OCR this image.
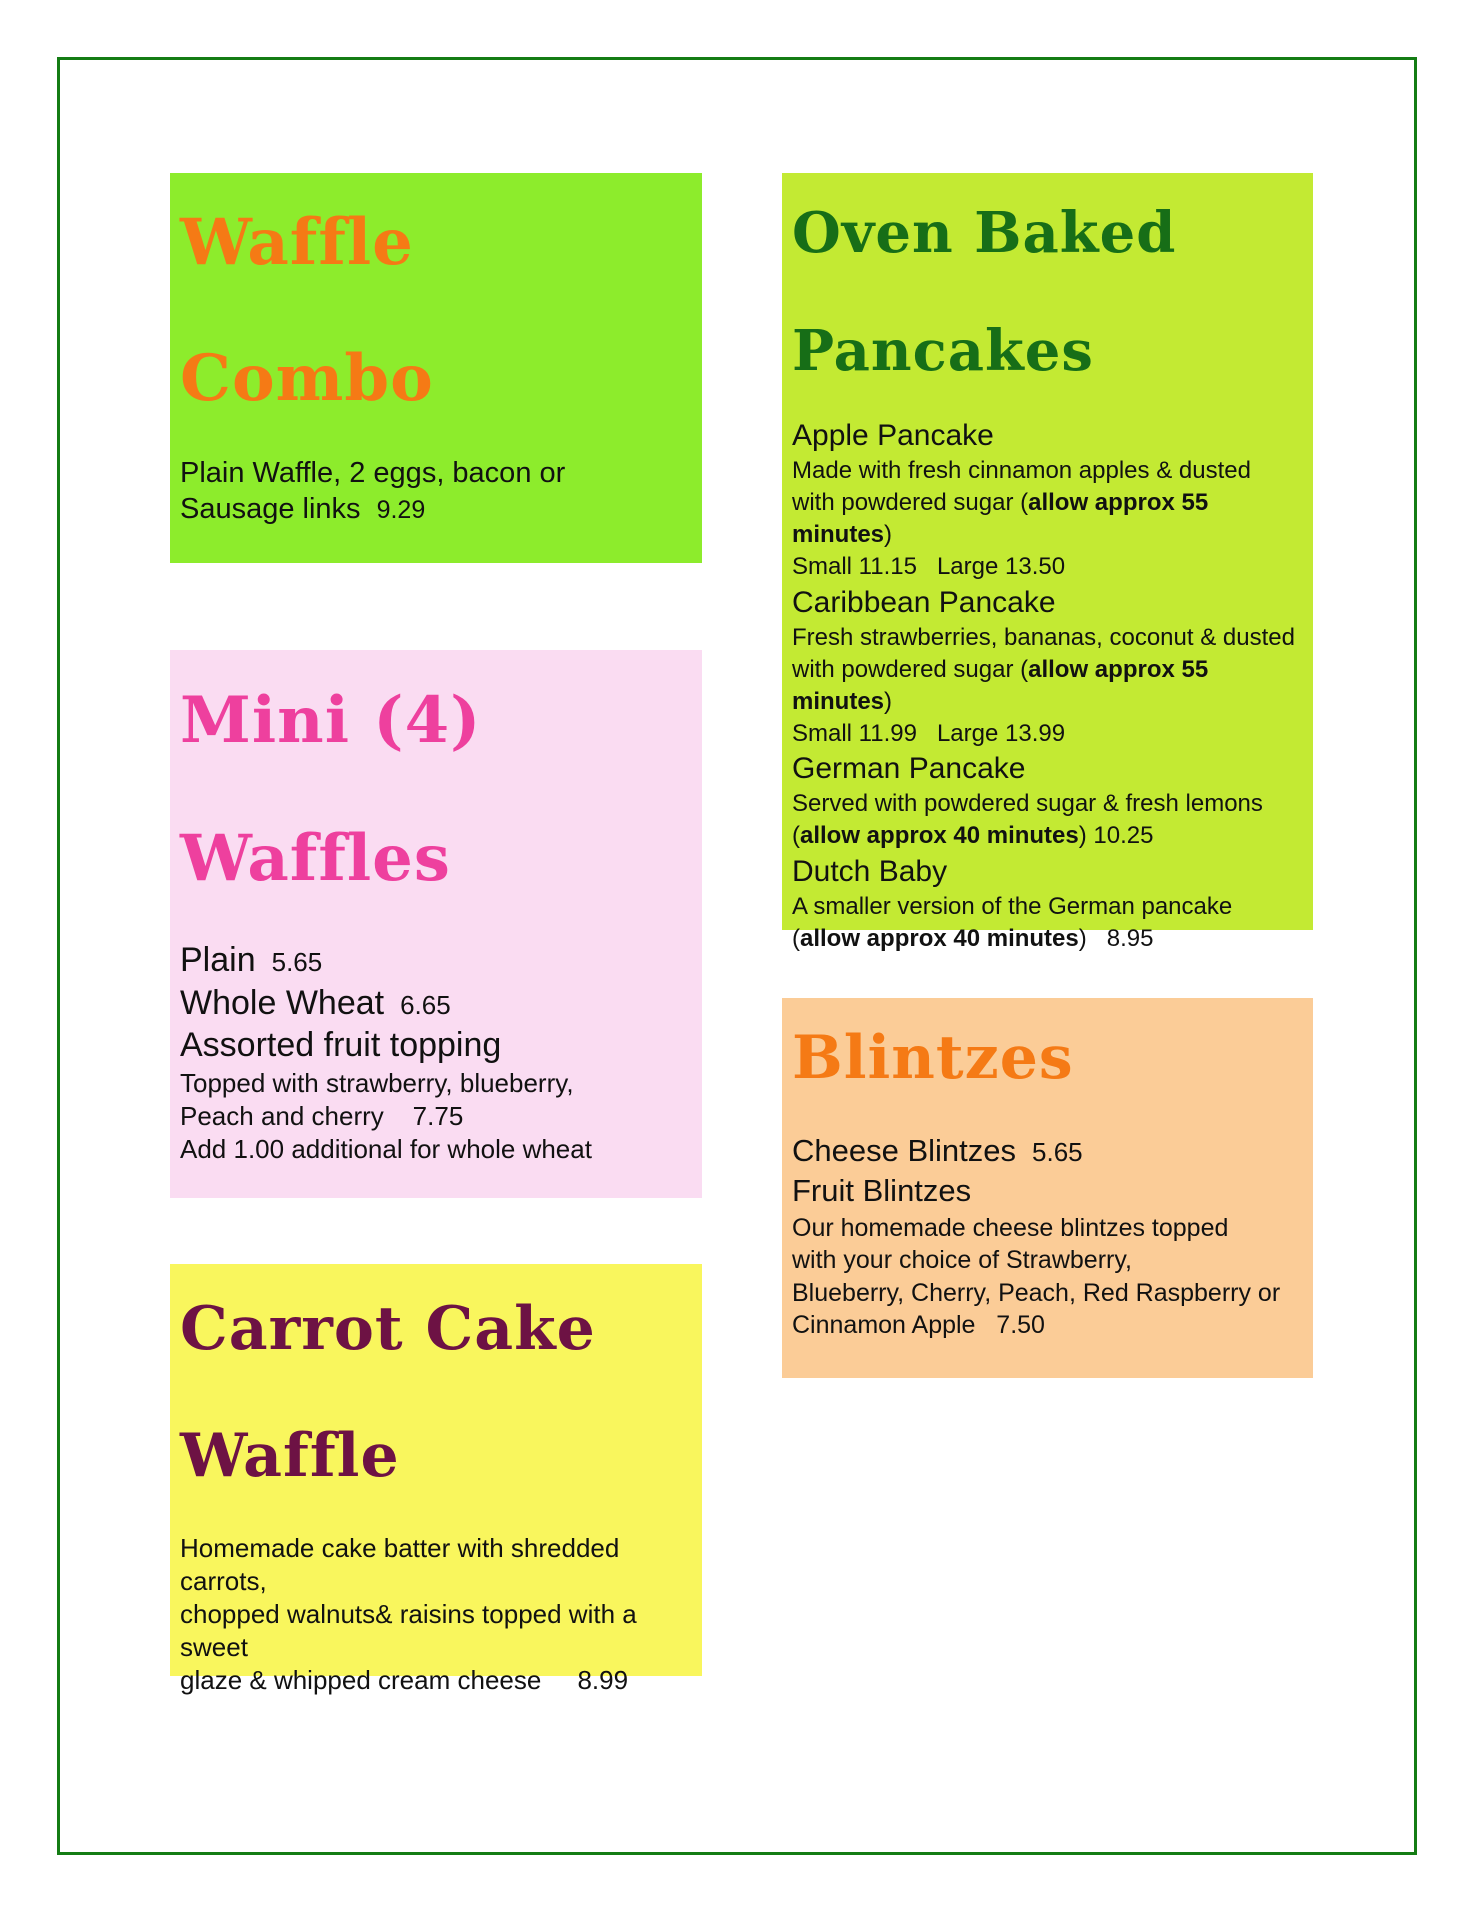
Waffle
Combo
Plain Waffle, 2 eggs, bacon or
Sausage links 9.29
Oven Baked
Pancakes
Apple Pancake
Made with fresh cinnamon apples & dusted
with powdered sugar (allow approx 55 minutes)
Small 11.15   Large 13.50
Caribbean Pancake
Fresh strawberries, bananas, coconut & dusted
with powdered sugar (allow approx 55 minutes)
Small 11.99   Large 13.99
German Pancake
Served with powdered sugar & fresh lemons
(allow approx 40 minutes) 10.25
Dutch Baby
A smaller version of the German pancake
(allow approx 40 minutes)   8.95
Mini (4)
Waffles
Plain 5.65
Whole Wheat 6.65
Assorted fruit topping
Topped with strawberry, blueberry,
Peach and cherry    7.75
Add 1.00 additional for whole wheat
Blintzes
Cheese Blintzes 5.65
Fruit Blintzes
Our homemade cheese blintzes topped
with your choice of Strawberry,
Blueberry, Cherry, Peach, Red Raspberry or
Cinnamon Apple   7.50
Carrot Cake
Waffle
Homemade cake batter with shredded carrots,
chopped walnuts& raisins topped with a sweet
glaze & whipped cream cheese     8.99
